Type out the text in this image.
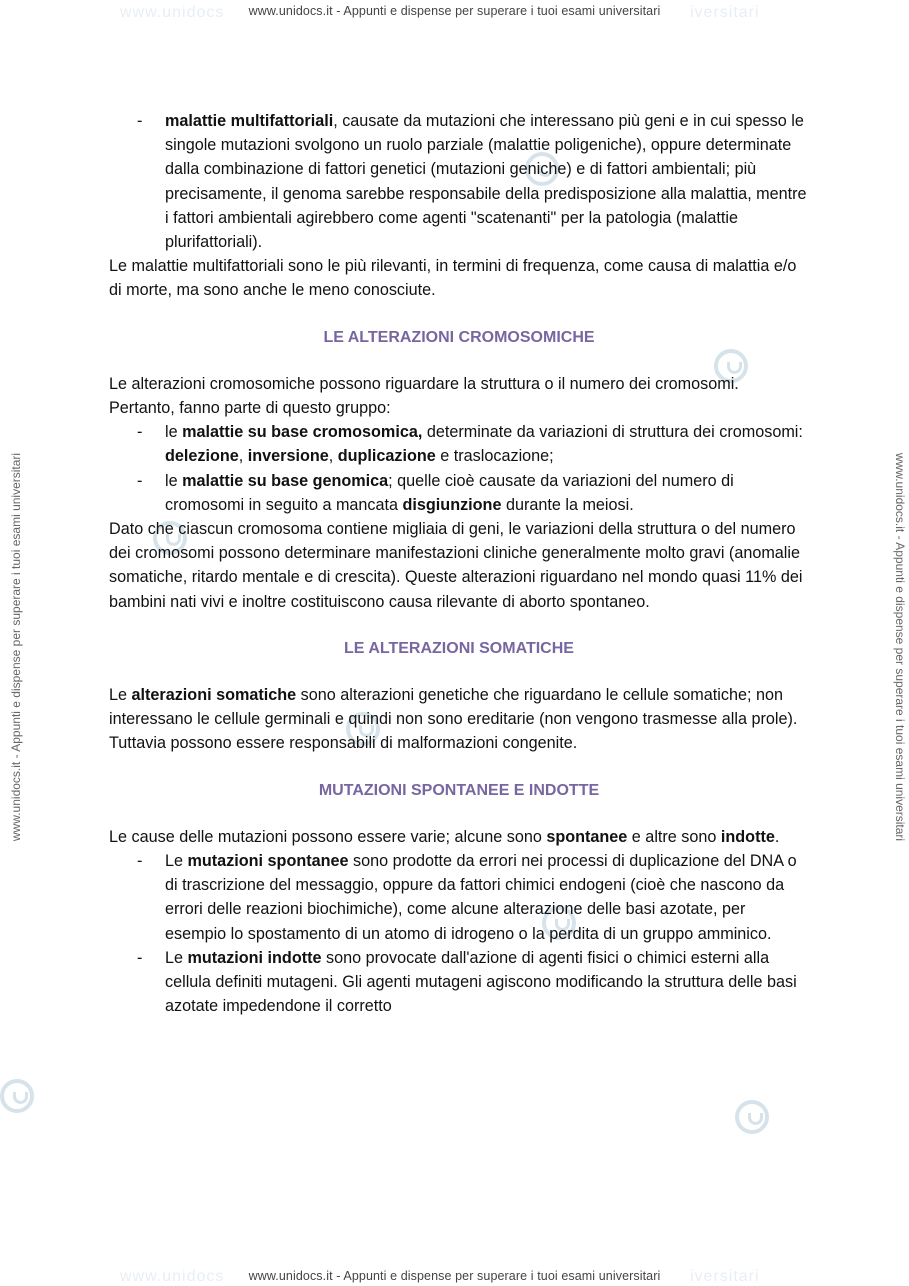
www.unidocs	iversitari
www.unidocs.it - Appunti e dispense per superare i tuoi esami universitari
www.unidocs.it - Appunti e dispense per superare i tuoi esami universitari	www.unidocs.it - Appunti e dispense per superare i tuoi esami universitari
- malattie multifattoriali, causate da mutazioni che interessano più geni e in cui spesso le singole mutazioni svolgono un ruolo parziale (malattie poligeniche), oppure determinate dalla combinazione di fattori genetici (mutazioni geniche) e di fattori ambientali; più precisamente, il genoma sarebbe responsabile della predisposizione alla malattia, mentre i fattori ambientali agirebbero come agenti "scatenanti" per la patologia (malattie plurifattoriali).
Le malattie multifattoriali sono le più rilevanti, in termini di frequenza, come causa di malattia e/o di morte, ma sono anche le meno conosciute.
LE ALTERAZIONI CROMOSOMICHE
Le alterazioni cromosomiche possono riguardare la struttura o il numero dei cromosomi.
Pertanto, fanno parte di questo gruppo:
- le malattie su base cromosomica, determinate da variazioni di struttura dei cromosomi: delezione, inversione, duplicazione e traslocazione;
- le malattie su base genomica; quelle cioè causate da variazioni del numero di cromosomi in seguito a mancata disgiunzione durante la meiosi.
Dato che ciascun cromosoma contiene migliaia di geni, le variazioni della struttura o del numero dei cromosomi possono determinare manifestazioni cliniche generalmente molto gravi (anomalie somatiche, ritardo mentale e di crescita). Queste alterazioni riguardano nel mondo quasi 11% dei bambini nati vivi e inoltre costituiscono causa rilevante di aborto spontaneo.
LE ALTERAZIONI SOMATICHE
Le alterazioni somatiche sono alterazioni genetiche che riguardano le cellule somatiche; non interessano le cellule germinali e quindi non sono ereditarie (non vengono trasmesse alla prole).
Tuttavia possono essere responsabili di malformazioni congenite.
MUTAZIONI SPONTANEE E INDOTTE
Le cause delle mutazioni possono essere varie; alcune sono spontanee e altre sono indotte.
- Le mutazioni spontanee sono prodotte da errori nei processi di duplicazione del DNA o di trascrizione del messaggio, oppure da fattori chimici endogeni (cioè che nascono da errori delle reazioni biochimiche), come alcune alterazione delle basi azotate, per esempio lo spostamento di un atomo di idrogeno o la perdita di un gruppo amminico.
- Le mutazioni indotte sono provocate dall'azione di agenti fisici o chimici esterni alla cellula definiti mutageni. Gli agenti mutageni agiscono modificando la struttura delle basi azotate impedendone il corretto
www.unidocs	iversitari
www.unidocs.it - Appunti e dispense per superare i tuoi esami universitari
